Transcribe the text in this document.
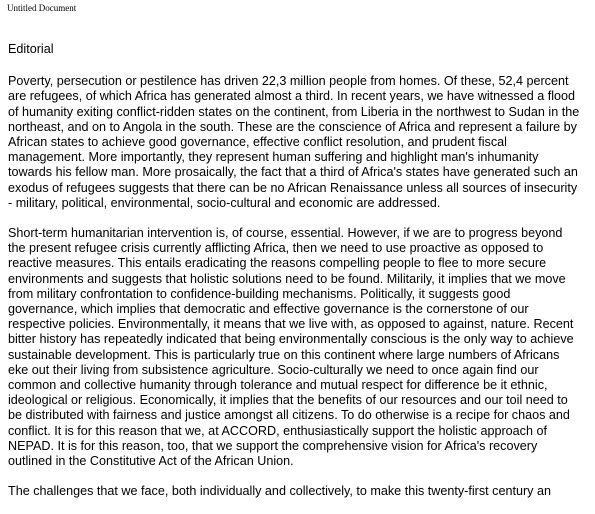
Untitled Document
Editorial
Poverty, persecution or pestilence has driven 22,3 million people from homes. Of these, 52,4 percent
are refugees, of which Africa has generated almost a third. In recent years, we have witnessed a flood
of humanity exiting conflict-ridden states on the continent, from Liberia in the northwest to Sudan in the
northeast, and on to Angola in the south. These are the conscience of Africa and represent a failure by
African states to achieve good governance, effective conflict resolution, and prudent fiscal
management. More importantly, they represent human suffering and highlight man's inhumanity
towards his fellow man. More prosaically, the fact that a third of Africa's states have generated such an
exodus of refugees suggests that there can be no African Renaissance unless all sources of insecurity
- military, political, environmental, socio-cultural and economic are addressed.
Short-term humanitarian intervention is, of course, essential. However, if we are to progress beyond
the present refugee crisis currently afflicting Africa, then we need to use proactive as opposed to
reactive measures. This entails eradicating the reasons compelling people to flee to more secure
environments and suggests that holistic solutions need to be found. Militarily, it implies that we move
from military confrontation to confidence-building mechanisms. Politically, it suggests good
governance, which implies that democratic and effective governance is the cornerstone of our
respective policies. Environmentally, it means that we live with, as opposed to against, nature. Recent
bitter history has repeatedly indicated that being environmentally conscious is the only way to achieve
sustainable development. This is particularly true on this continent where large numbers of Africans
eke out their living from subsistence agriculture. Socio-culturally we need to once again find our
common and collective humanity through tolerance and mutual respect for difference be it ethnic,
ideological or religious. Economically, it implies that the benefits of our resources and our toil need to
be distributed with fairness and justice amongst all citizens. To do otherwise is a recipe for chaos and
conflict. It is for this reason that we, at ACCORD, enthusiastically support the holistic approach of
NEPAD. It is for this reason, too, that we support the comprehensive vision for Africa's recovery
outlined in the Constitutive Act of the African Union.
The challenges that we face, both individually and collectively, to make this twenty-first century an
